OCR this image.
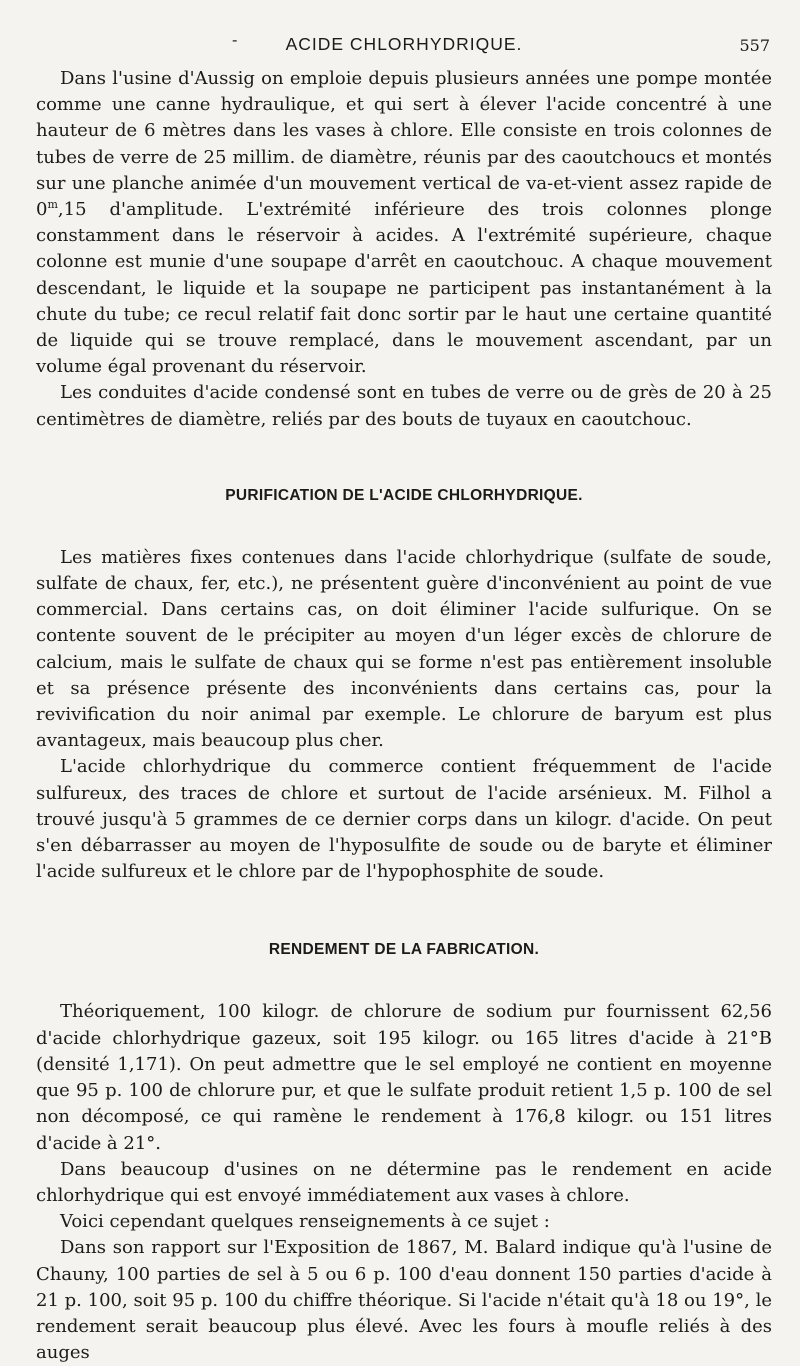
-	ACIDE CHLORHYDRIQUE.	557

Dans l'usine d'Aussig on emploie depuis plusieurs années une pompe montée comme une canne hydraulique, et qui sert à élever l'acide concentré à une hauteur de 6 mètres dans les vases à chlore. Elle consiste en trois colonnes de tubes de verre de 25 millim. de diamètre, réunis par des caoutchoucs et montés sur une planche animée d'un mouvement vertical de va-et-vient assez rapide de 0$^m$,15 d'amplitude. L'extrémité inférieure des trois colonnes plonge constamment dans le réservoir à acides. A l'extrémité supérieure, chaque colonne est munie d'une soupape d'arrêt en caoutchouc. A chaque mouvement descendant, le liquide et la soupape ne participent pas instantanément à la chute du tube; ce recul relatif fait donc sortir par le haut une certaine quantité de liquide qui se trouve remplacé, dans le mouvement ascendant, par un volume égal provenant du réservoir.

Les conduites d'acide condensé sont en tubes de verre ou de grès de 20 à 25 centimètres de diamètre, reliés par des bouts de tuyaux en caoutchouc.

PURIFICATION DE L'ACIDE CHLORHYDRIQUE.

Les matières fixes contenues dans l'acide chlorhydrique (sulfate de soude, sulfate de chaux, fer, etc.), ne présentent guère d'inconvénient au point de vue commercial. Dans certains cas, on doit éliminer l'acide sulfurique. On se contente souvent de le précipiter au moyen d'un léger excès de chlorure de calcium, mais le sulfate de chaux qui se forme n'est pas entièrement insoluble et sa présence présente des inconvénients dans certains cas, pour la revivification du noir animal par exemple. Le chlorure de baryum est plus avantageux, mais beaucoup plus cher.

L'acide chlorhydrique du commerce contient fréquemment de l'acide sulfureux, des traces de chlore et surtout de l'acide arsénieux. M. Filhol a trouvé jusqu'à 5 grammes de ce dernier corps dans un kilogr. d'acide. On peut s'en débarrasser au moyen de l'hyposulfite de soude ou de baryte et éliminer l'acide sulfureux et le chlore par de l'hypophosphite de soude.

RENDEMENT DE LA FABRICATION.

Théoriquement, 100 kilogr. de chlorure de sodium pur fournissent 62,56 d'acide chlorhydrique gazeux, soit 195 kilogr. ou 165 litres d'acide à 21°B (densité 1,171). On peut admettre que le sel employé ne contient en moyenne que 95 p. 100 de chlorure pur, et que le sulfate produit retient 1,5 p. 100 de sel non décomposé, ce qui ramène le rendement à 176,8 kilogr. ou 151 litres d'acide à 21°.

Dans beaucoup d'usines on ne détermine pas le rendement en acide chlorhydrique qui est envoyé immédiatement aux vases à chlore.

Voici cependant quelques renseignements à ce sujet :

Dans son rapport sur l'Exposition de 1867, M. Balard indique qu'à l'usine de Chauny, 100 parties de sel à 5 ou 6 p. 100 d'eau donnent 150 parties d'acide à 21 p. 100, soit 95 p. 100 du chiffre théorique. Si l'acide n'était qu'à 18 ou 19°, le rendement serait beaucoup plus élevé. Avec les fours à moufle reliés à des auges
